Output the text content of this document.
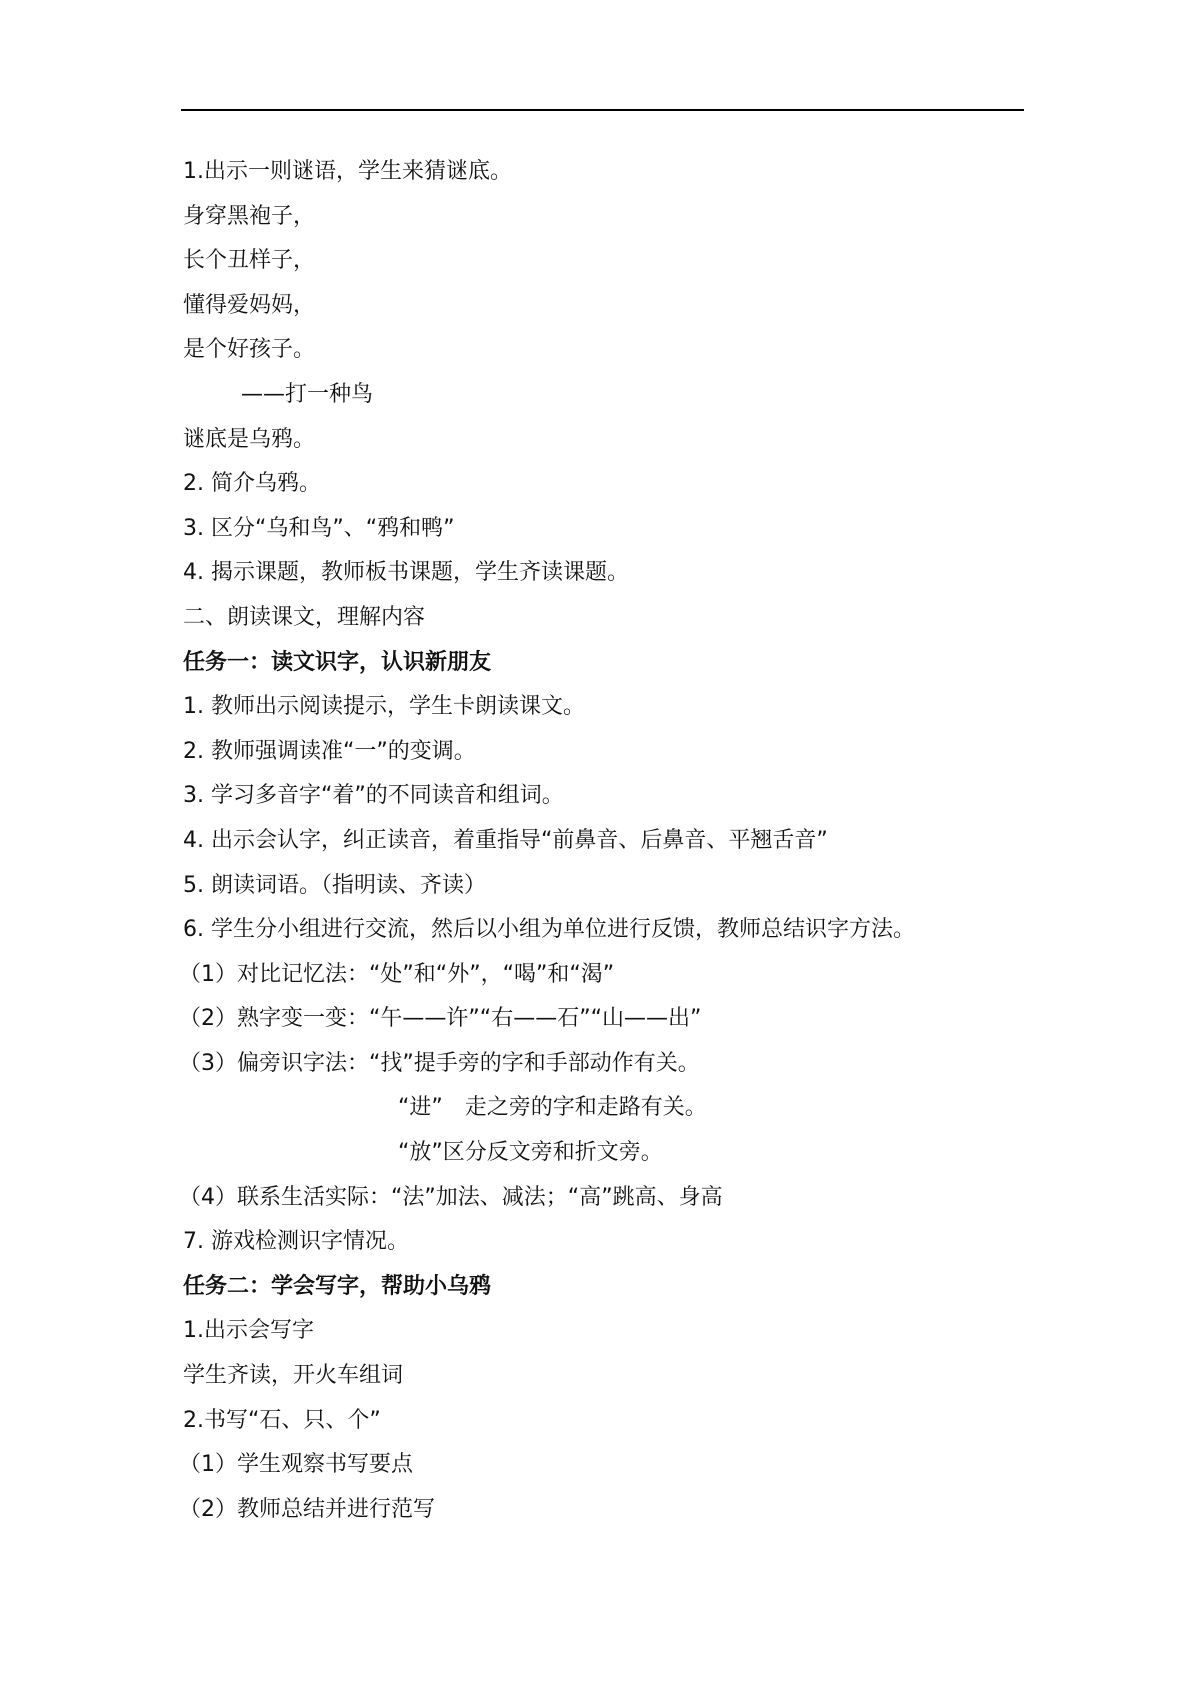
1.出示一则谜语，学生来猜谜底。
身穿黑袍子，
长个丑样子，
懂得爱妈妈，
是个好孩子。
——打一种鸟
谜底是乌鸦。
2. 简介乌鸦。
3. 区分“乌和鸟”、“鸦和鸭”
4. 揭示课题，教师板书课题，学生齐读课题。
二、朗读课文，理解内容
任务一：读文识字，认识新朋友
1. 教师出示阅读提示，学生卡朗读课文。
2. 教师强调读准“一”的变调。
3. 学习多音字“着”的不同读音和组词。
4. 出示会认字，纠正读音，着重指导“前鼻音、后鼻音、平翘舌音”
5. 朗读词语。（指明读、齐读）
6. 学生分小组进行交流，然后以小组为单位进行反馈，教师总结识字方法。
（1）对比记忆法：“处”和“外”，“喝”和“渴”
（2）熟字变一变：“午——许”“右——石”“山——出”
（3）偏旁识字法：“找”提手旁的字和手部动作有关。
“进”　走之旁的字和走路有关。
“放”区分反文旁和折文旁。
（4）联系生活实际：“法”加法、减法；“高”跳高、身高
7. 游戏检测识字情况。
任务二：学会写字，帮助小乌鸦
1.出示会写字
学生齐读，开火车组词
2.书写“石、只、个”
（1）学生观察书写要点
（2）教师总结并进行范写
